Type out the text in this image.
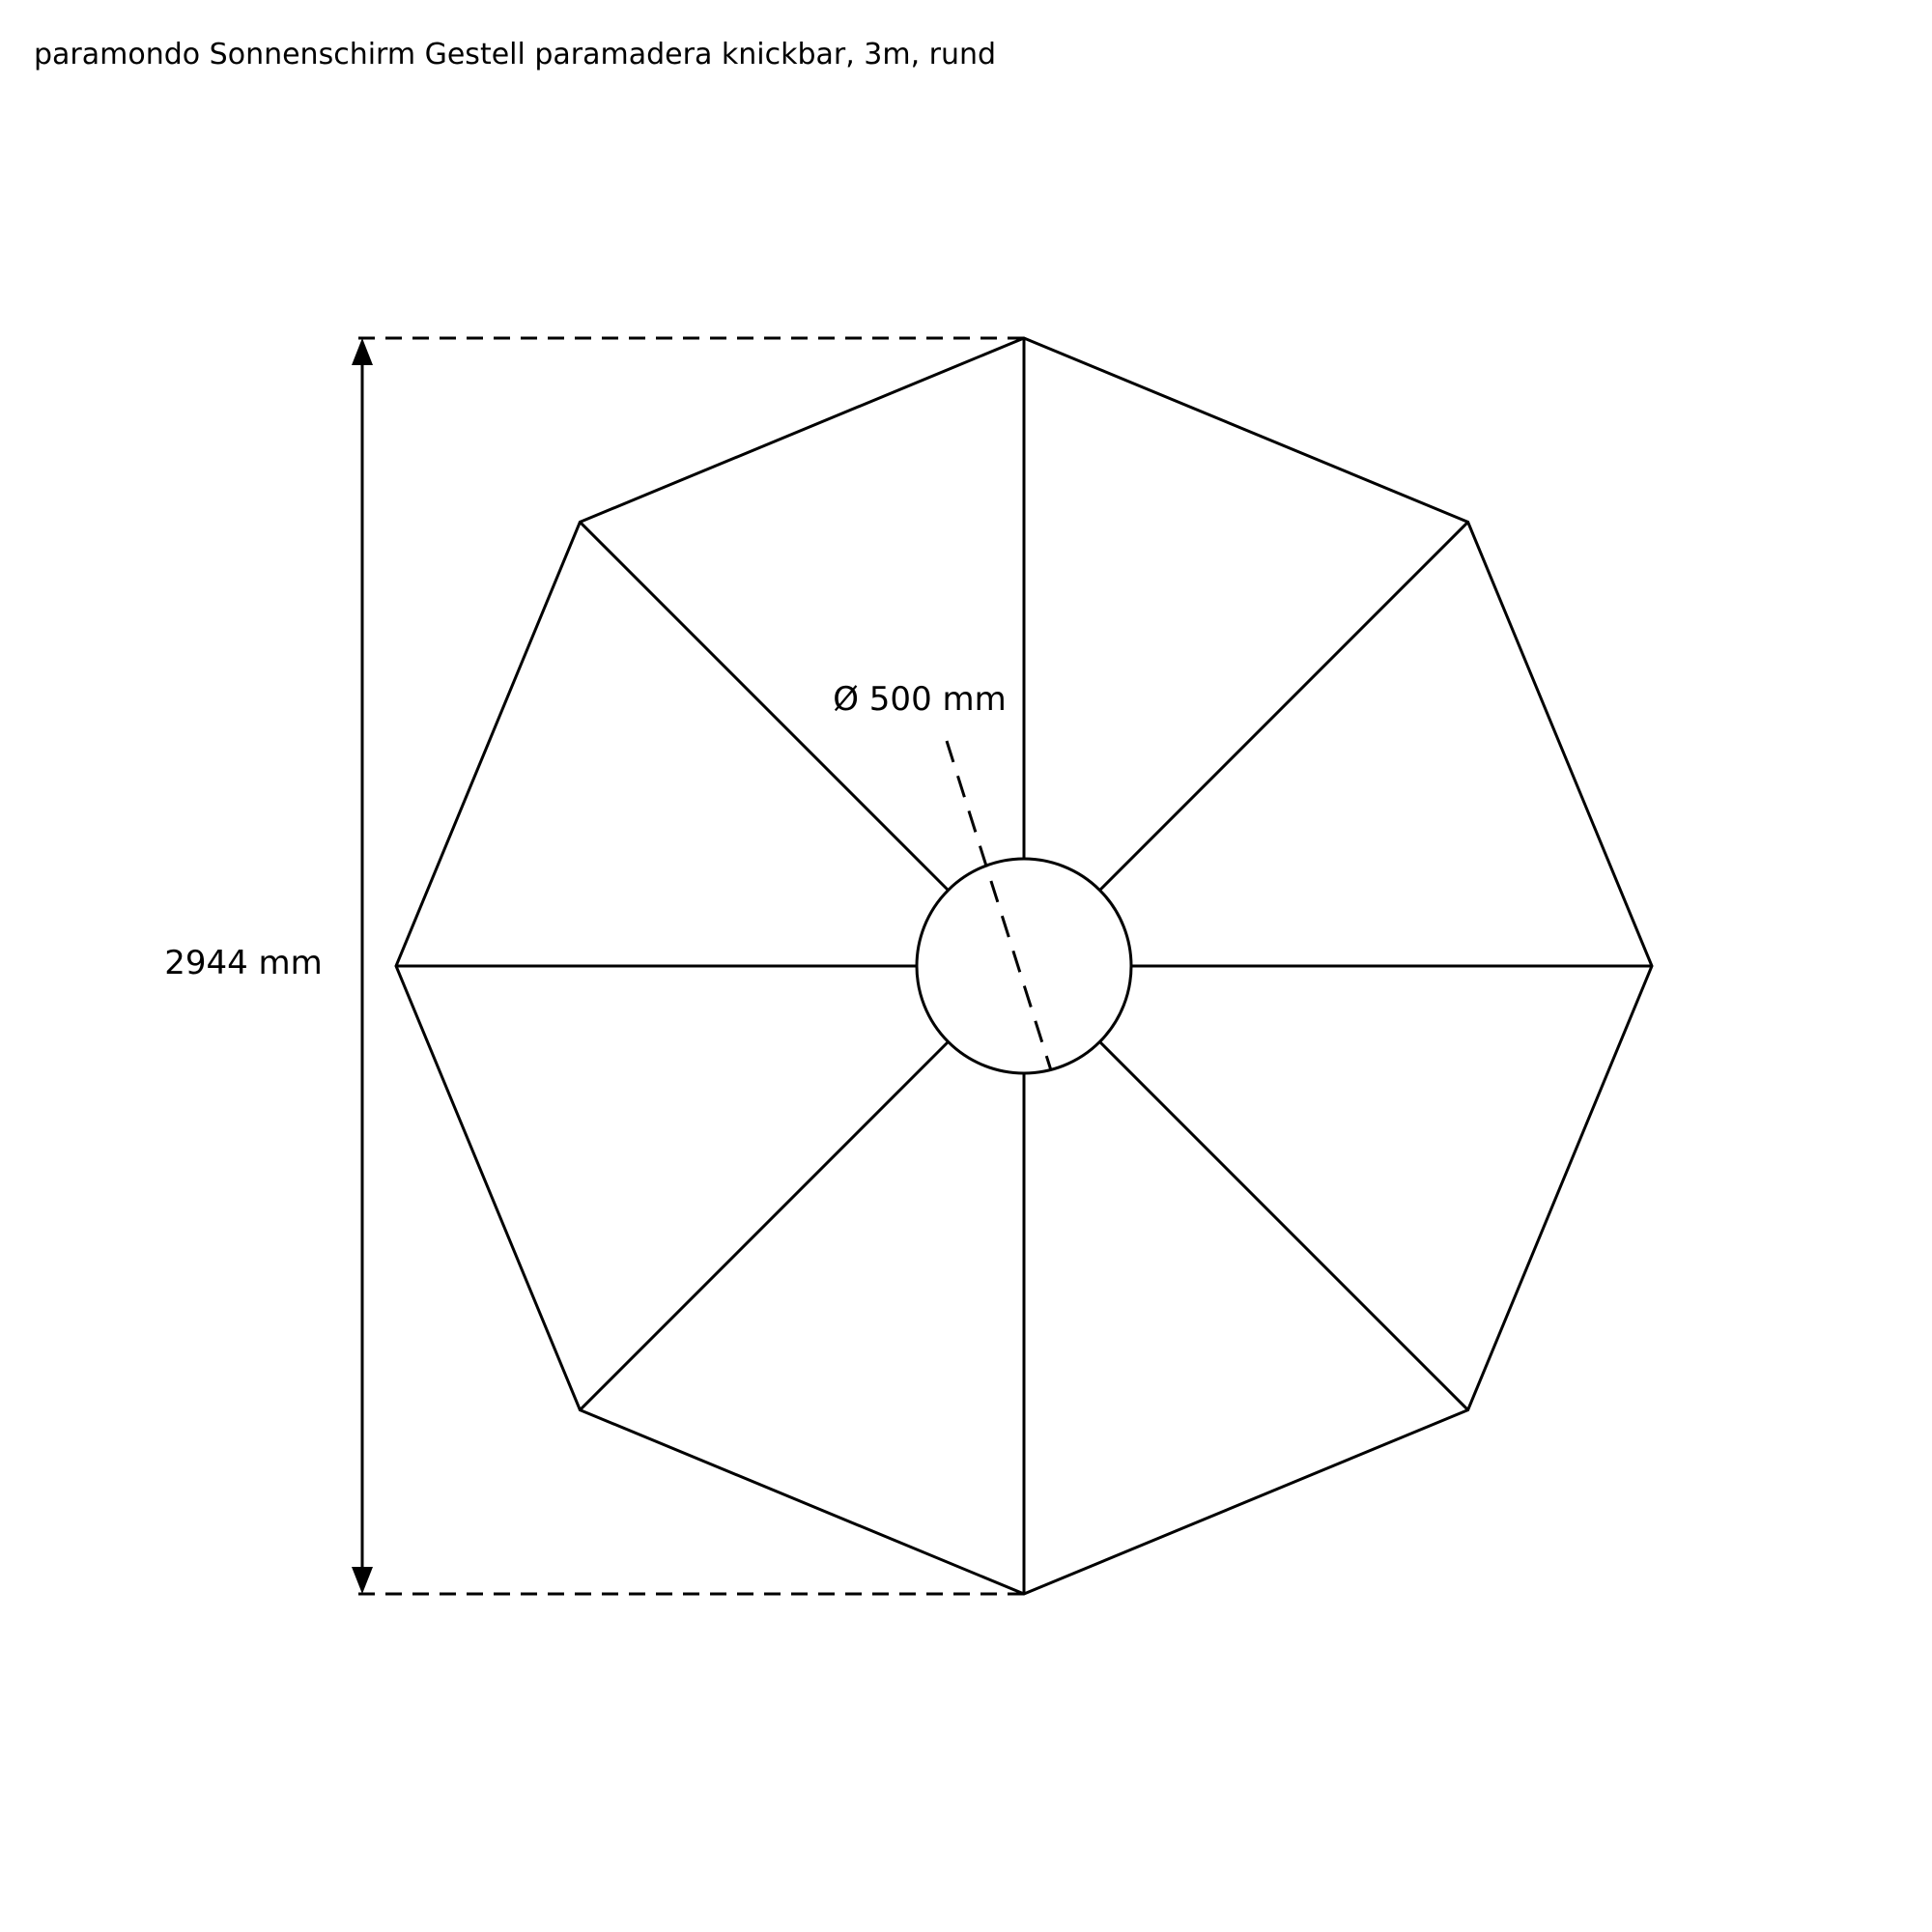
paramondo Sonnenschirm Gestell paramadera knickbar, 3m, rund
Ø 500 mm
2944 mm
